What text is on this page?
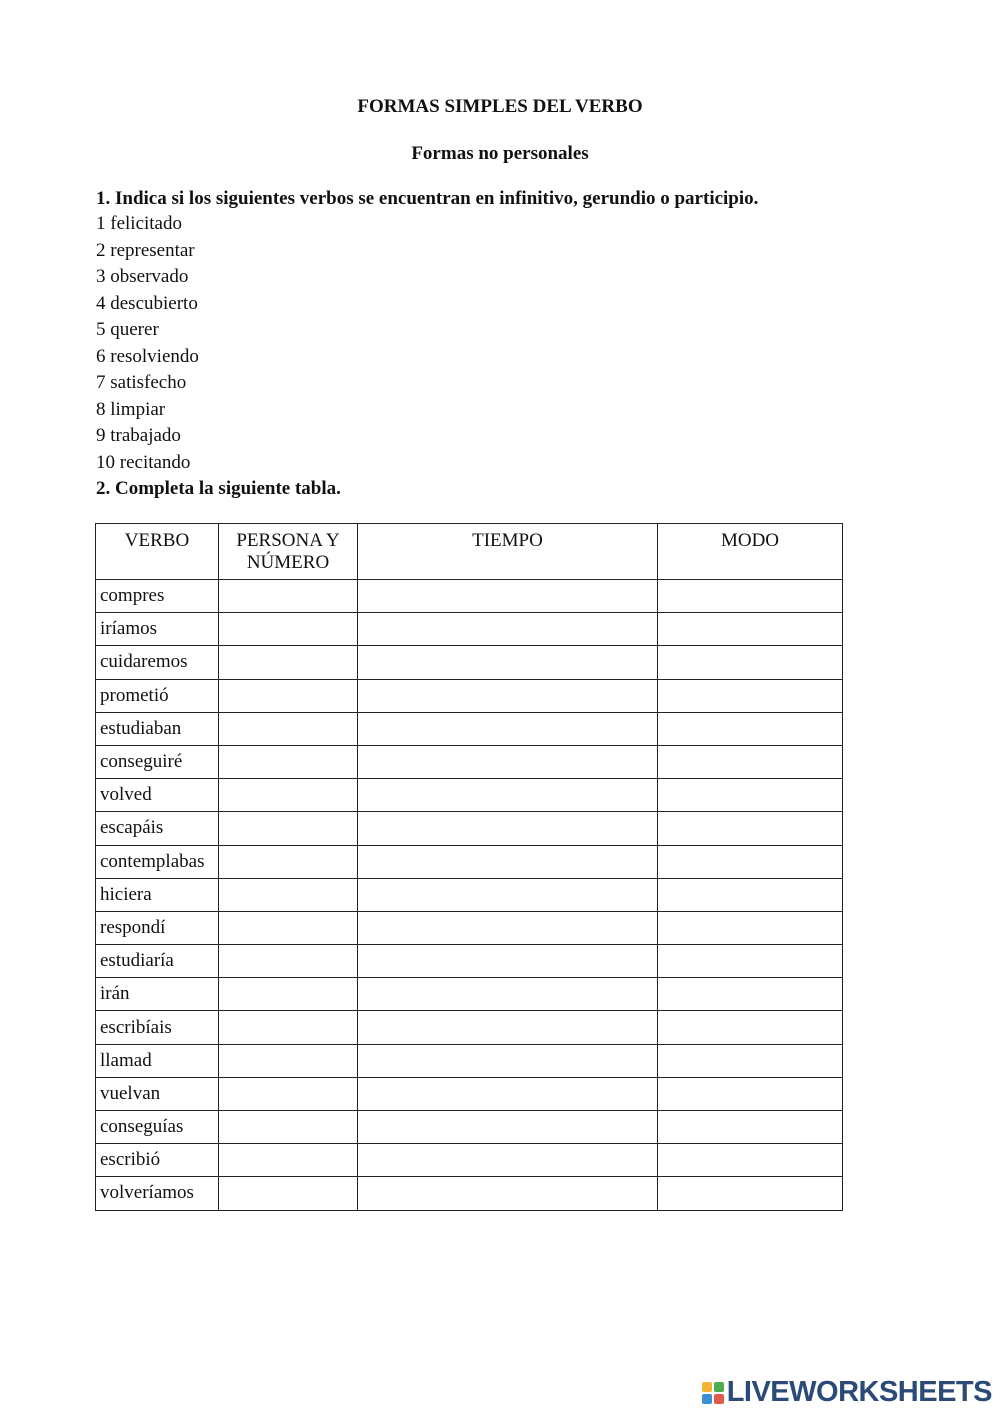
FORMAS SIMPLES DEL VERBO
Formas no personales
1. Indica si los siguientes verbos se encuentran en infinitivo, gerundio o participio.
1 felicitado
2 representar
3 observado
4 descubierto
5 querer
6 resolviendo
7 satisfecho
8 limpiar
9 trabajado
10 recitando
2. Completa la siguiente tabla.
VERBO	PERSONA Y NÚMERO	TIEMPO	MODO
compres			
iríamos			
cuidaremos			
prometió			
estudiaban			
conseguiré			
volved			
escapáis			
contemplabas			
hiciera			
respondí			
estudiaría			
irán			
escribíais			
llamad			
vuelvan			
conseguías			
escribió			
volveríamos			
LIVEWORKSHEETS
